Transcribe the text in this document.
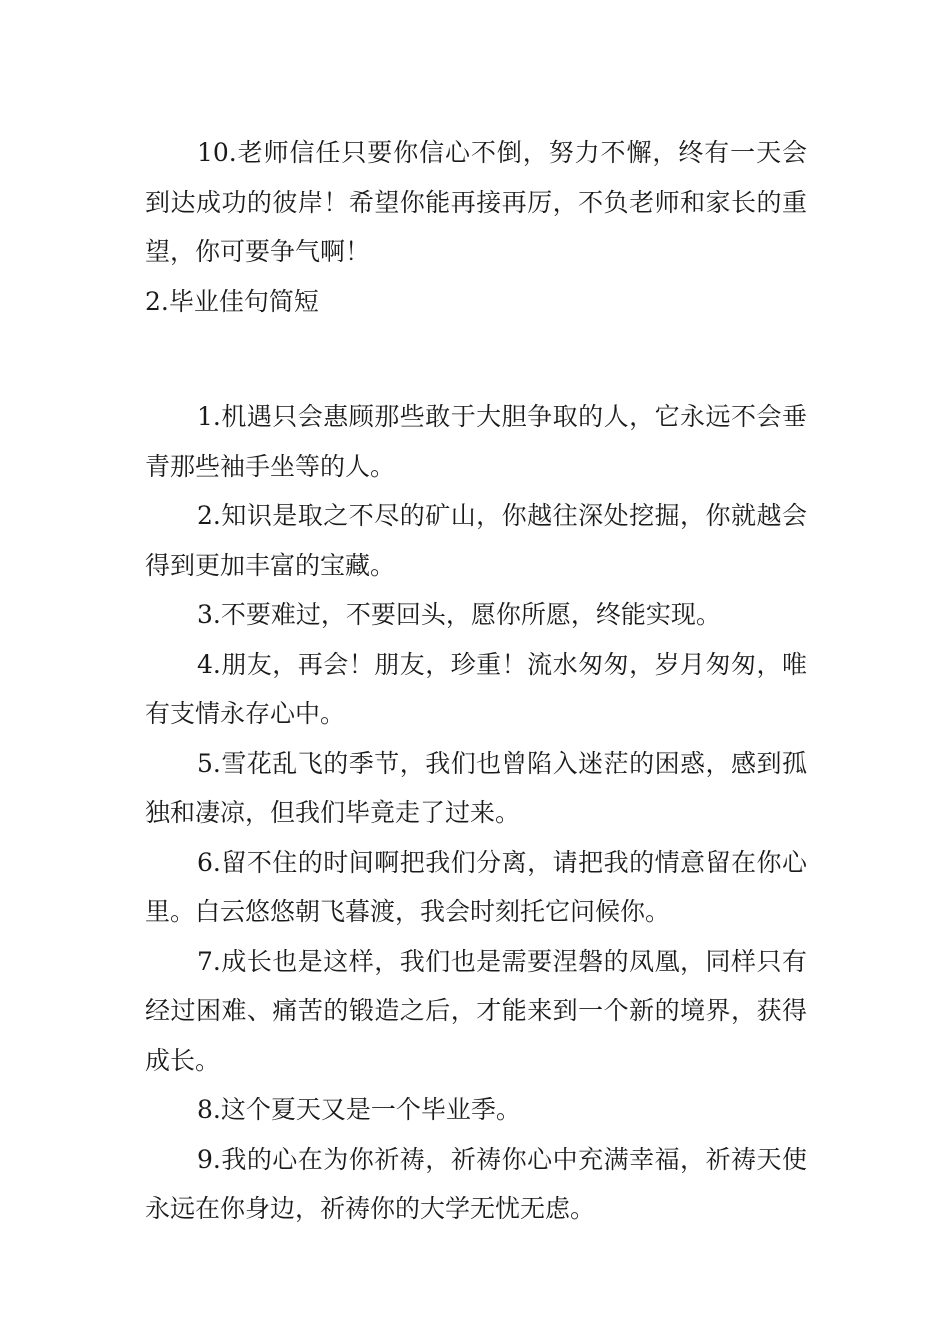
10.老师信任只要你信心不倒，努力不懈，终有一天会到达成功的彼岸！希望你能再接再厉，不负老师和家长的重望，你可要争气啊！

2.毕业佳句简短

1.机遇只会惠顾那些敢于大胆争取的人，它永远不会垂青那些袖手坐等的人。

2.知识是取之不尽的矿山，你越往深处挖掘，你就越会得到更加丰富的宝藏。

3.不要难过，不要回头，愿你所愿，终能实现。

4.朋友，再会！朋友，珍重！流水匆匆，岁月匆匆，唯有支情永存心中。

5.雪花乱飞的季节，我们也曾陷入迷茫的困惑，感到孤独和凄凉，但我们毕竟走了过来。

6.留不住的时间啊把我们分离，请把我的情意留在你心里。白云悠悠朝飞暮渡，我会时刻托它问候你。

7.成长也是这样，我们也是需要涅磐的凤凰，同样只有经过困难、痛苦的锻造之后，才能来到一个新的境界，获得成长。

8.这个夏天又是一个毕业季。

9.我的心在为你祈祷，祈祷你心中充满幸福，祈祷天使永远在你身边，祈祷你的大学无忧无虑。
